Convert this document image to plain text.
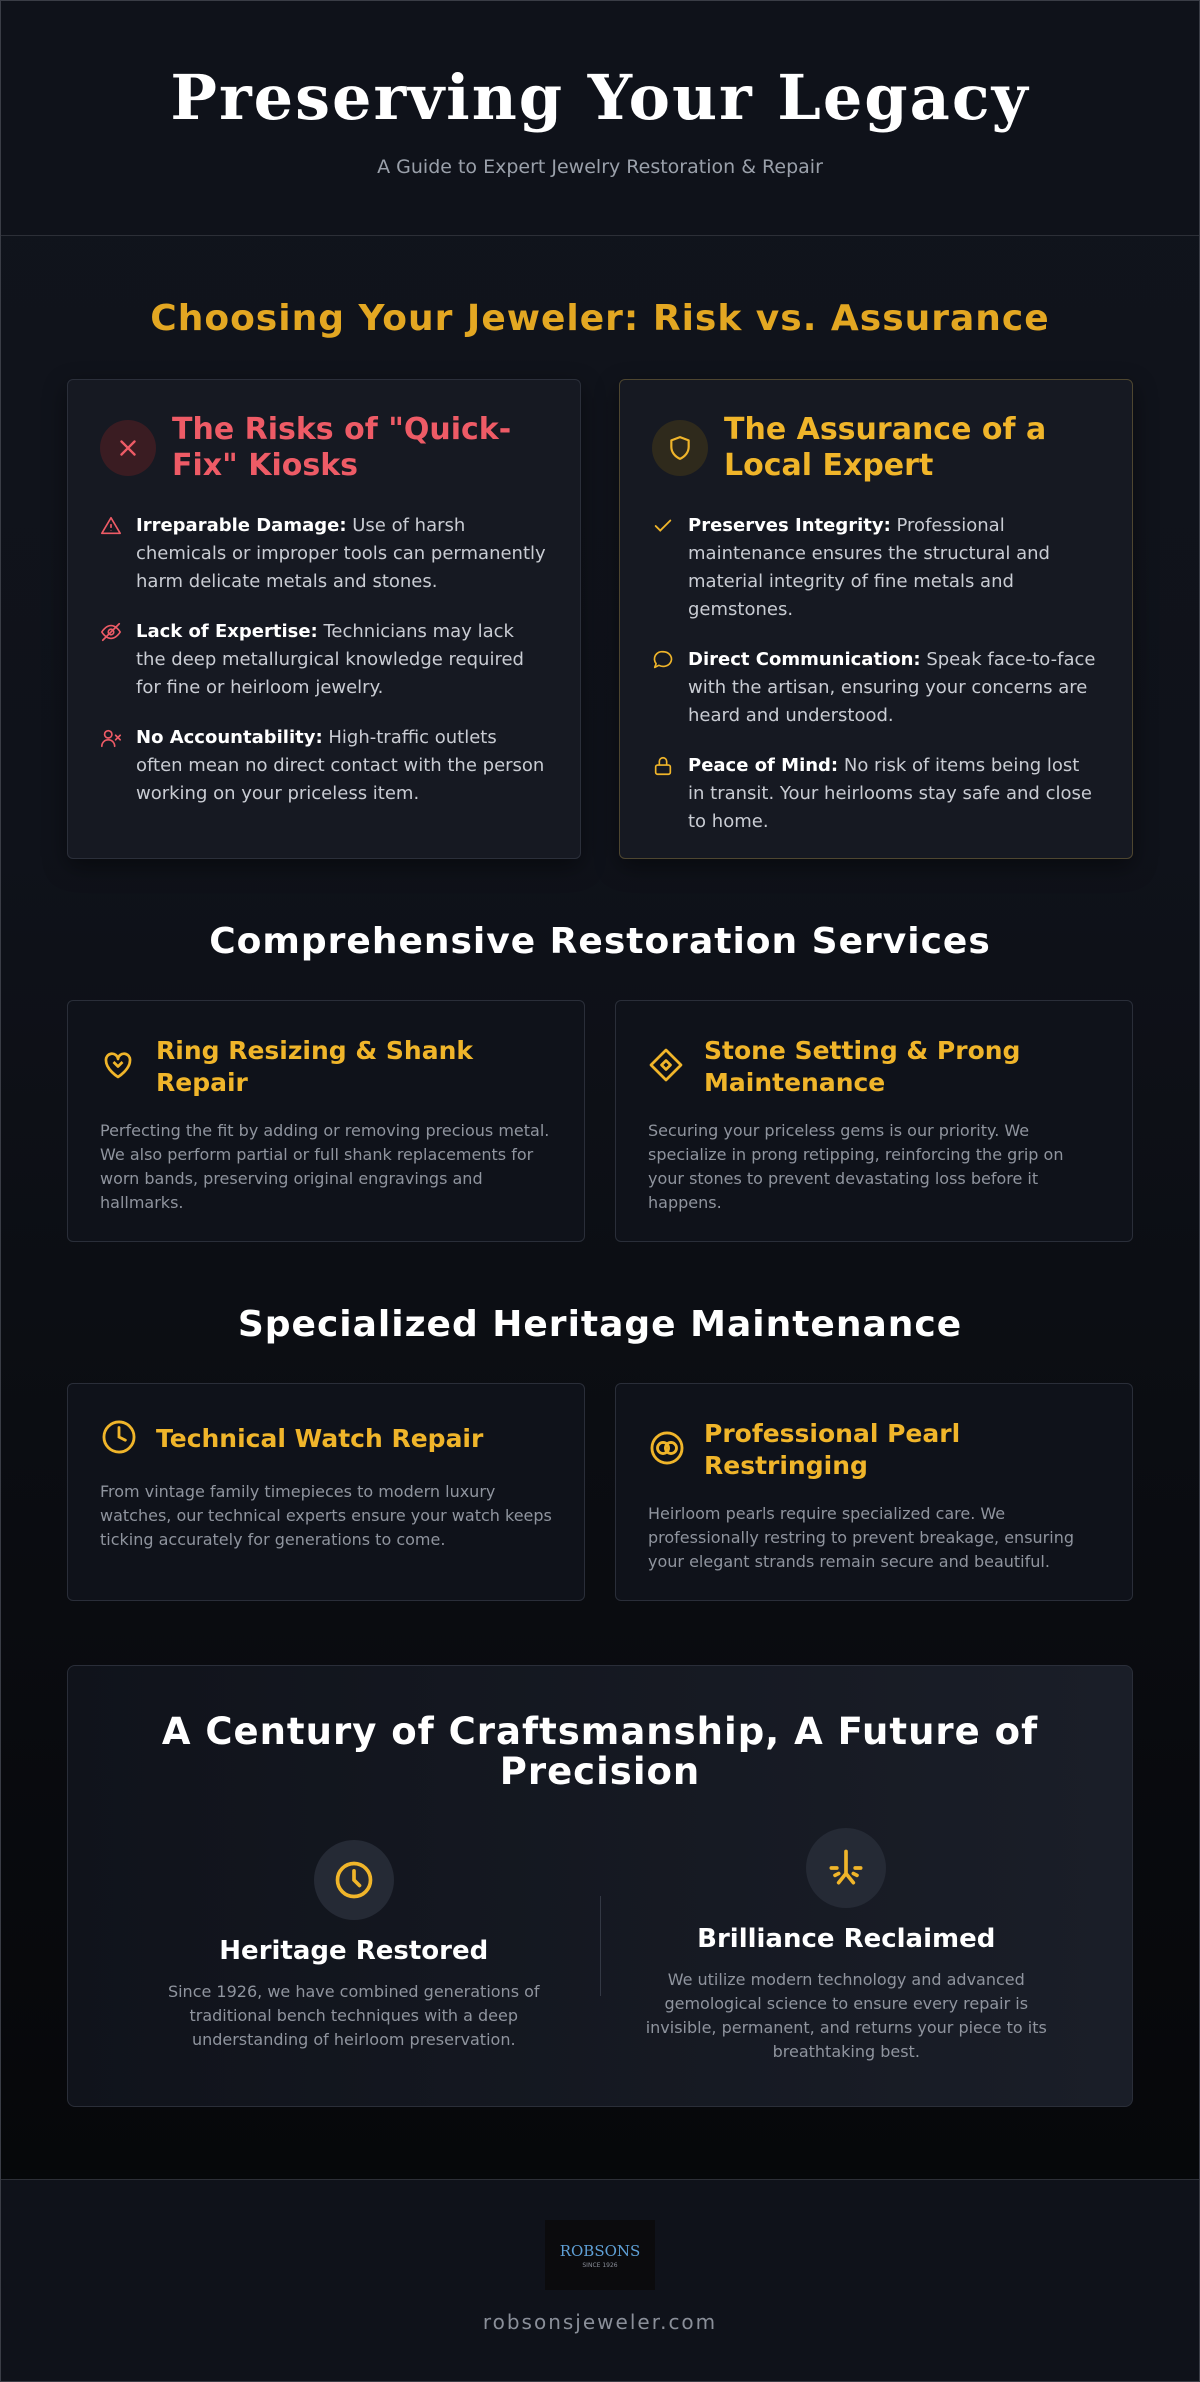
Preserving Your Legacy

A Guide to Expert Jewelry Restoration & Repair

Choosing Your Jeweler: Risk vs. Assurance
The Risks of "Quick-Fix" Kiosks

Irreparable Damage: Use of harsh chemicals or improper tools can permanently harm delicate metals and stones.

Lack of Expertise: Technicians may lack the deep metallurgical knowledge required for fine or heirloom jewelry.

No Accountability: High-traffic outlets often mean no direct contact with the person working on your priceless item.

The Assurance of a Local Expert

Preserves Integrity: Professional maintenance ensures the structural and material integrity of fine metals and gemstones.

Direct Communication: Speak face-to-face with the artisan, ensuring your concerns are heard and understood.

Peace of Mind: No risk of items being lost in transit. Your heirlooms stay safe and close to home.

Comprehensive Restoration Services
Ring Resizing & Shank Repair

Perfecting the fit by adding or removing precious metal. We also perform partial or full shank replacements for worn bands, preserving original engravings and hallmarks.

Stone Setting & Prong Maintenance

Securing your priceless gems is our priority. We specialize in prong retipping, reinforcing the grip on your stones to prevent devastating loss before it happens.

Specialized Heritage Maintenance
Technical Watch Repair

From vintage family timepieces to modern luxury watches, our technical experts ensure your watch keeps ticking accurately for generations to come.

Professional Pearl Restringing

Heirloom pearls require specialized care. We professionally restring to prevent breakage, ensuring your elegant strands remain secure and beautiful.

A Century of Craftsmanship, A Future of Precision
Heritage Restored

Since 1926, we have combined generations of traditional bench techniques with a deep understanding of heirloom preservation.

Brilliance Reclaimed

We utilize modern technology and advanced gemological science to ensure every repair is invisible, permanent, and returns your piece to its breathtaking best.

ROBSONS
SINCE 1926
robsonsjeweler.com
